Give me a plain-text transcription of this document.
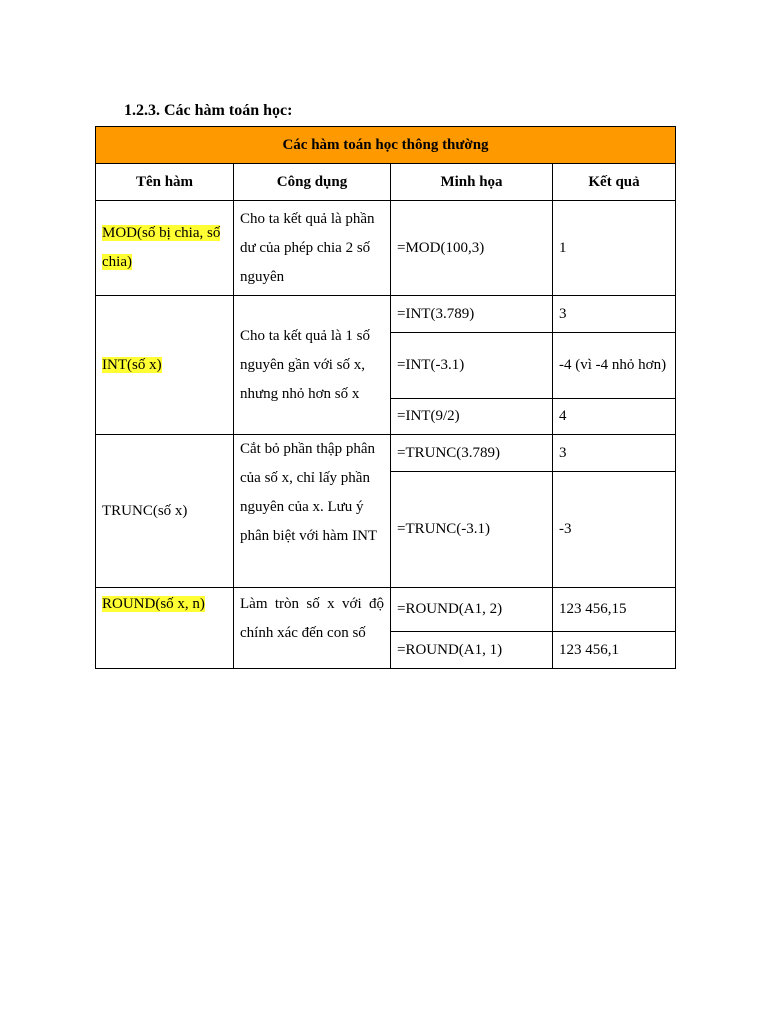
1.2.3. Các hàm toán học:
Các hàm toán học thông thường			
Tên hàm	Công dụng	Minh họa	Kết quả
MOD(số bị chia, số chia)	Cho ta kết quả là phần dư của phép chia 2 số nguyên	=MOD(100,3)	1
INT(số x)	Cho ta kết quả là 1 số nguyên gần với số x, nhưng nhỏ hơn số x	=INT(3.789)	3
		=INT(-3.1)	-4 (vì -4 nhỏ hơn)
		=INT(9/2)	4
TRUNC(số x)	Cắt bỏ phần thập phân của số x, chỉ lấy phần nguyên của x. Lưu ý phân biệt với hàm INT	=TRUNC(3.789)	3
		=TRUNC(-3.1)	-3
ROUND(số x, n)	Làm tròn số x với độ chính xác đến con số	=ROUND(A1, 2)	123 456,15
		=ROUND(A1, 1)	123 456,1
